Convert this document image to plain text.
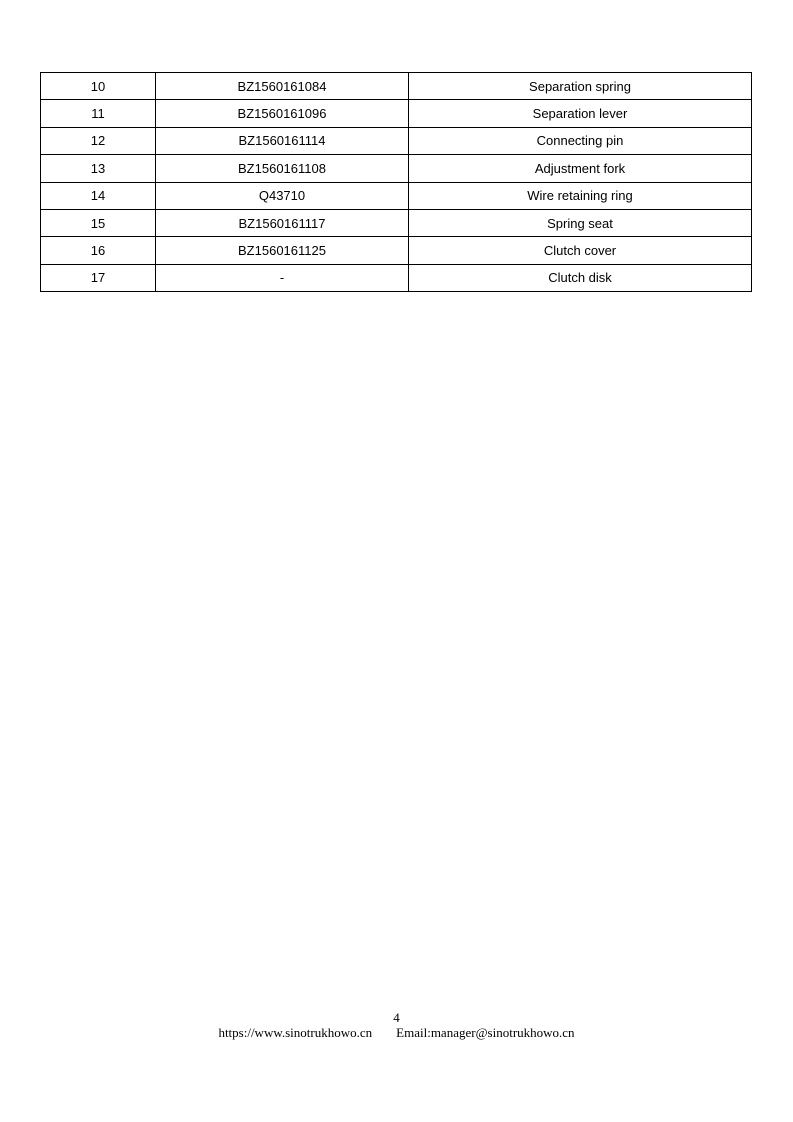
10	BZ1560161084	Separation spring
11	BZ1560161096	Separation lever
12	BZ1560161114	Connecting pin
13	BZ1560161108	Adjustment fork
14	Q43710	Wire retaining ring
15	BZ1560161117	Spring seat
16	BZ1560161125	Clutch cover
17	-	Clutch disk
4
https://www.sinotrukhowo.cn Email:manager@sinotrukhowo.cn
